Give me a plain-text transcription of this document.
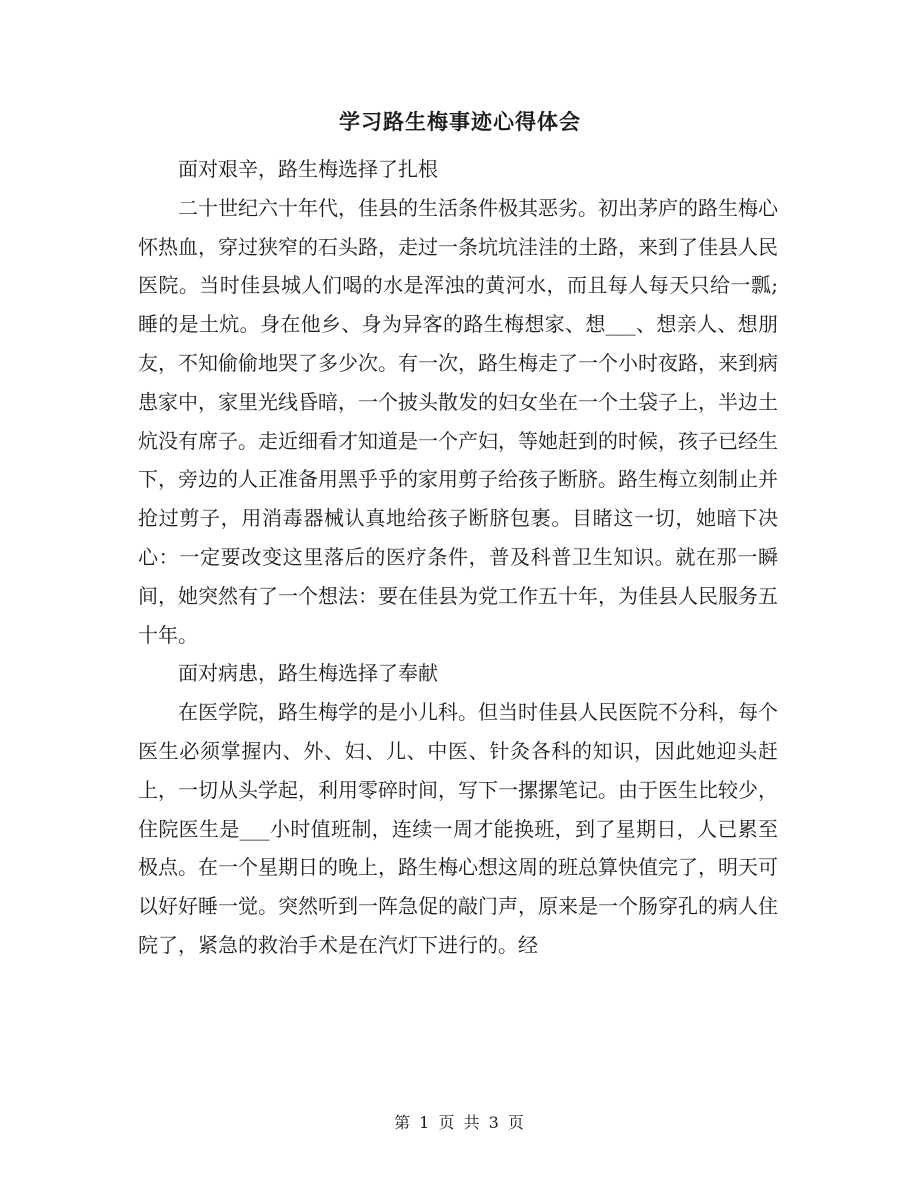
学习路生梅事迹心得体会

面对艰辛，路生梅选择了扎根

二十世纪六十年代，佳县的生活条件极其恶劣。初出茅庐的路生梅心怀热血，穿过狭窄的石头路，走过一条坑坑洼洼的土路，来到了佳县人民医院。当时佳县城人们喝的水是浑浊的黄河水，而且每人每天只给一瓢;睡的是土炕。身在他乡、身为异客的路生梅想家、想___、想亲人、想朋友，不知偷偷地哭了多少次。有一次，路生梅走了一个小时夜路，来到病患家中，家里光线昏暗，一个披头散发的妇女坐在一个土袋子上，半边土炕没有席子。走近细看才知道是一个产妇，等她赶到的时候，孩子已经生下，旁边的人正准备用黑乎乎的家用剪子给孩子断脐。路生梅立刻制止并抢过剪子，用消毒器械认真地给孩子断脐包裹。目睹这一切，她暗下决心：一定要改变这里落后的医疗条件，普及科普卫生知识。就在那一瞬间，她突然有了一个想法：要在佳县为党工作五十年，为佳县人民服务五十年。

面对病患，路生梅选择了奉献

在医学院，路生梅学的是小儿科。但当时佳县人民医院不分科，每个医生必须掌握内、外、妇、儿、中医、针灸各科的知识，因此她迎头赶上，一切从头学起，利用零碎时间，写下一摞摞笔记。由于医生比较少，住院医生是___小时值班制，连续一周才能换班，到了星期日，人已累至极点。在一个星期日的晚上，路生梅心想这周的班总算快值完了，明天可以好好睡一觉。突然听到一阵急促的敲门声，原来是一个肠穿孔的病人住院了，紧急的救治手术是在汽灯下进行的。经

第 1 页 共 3 页
